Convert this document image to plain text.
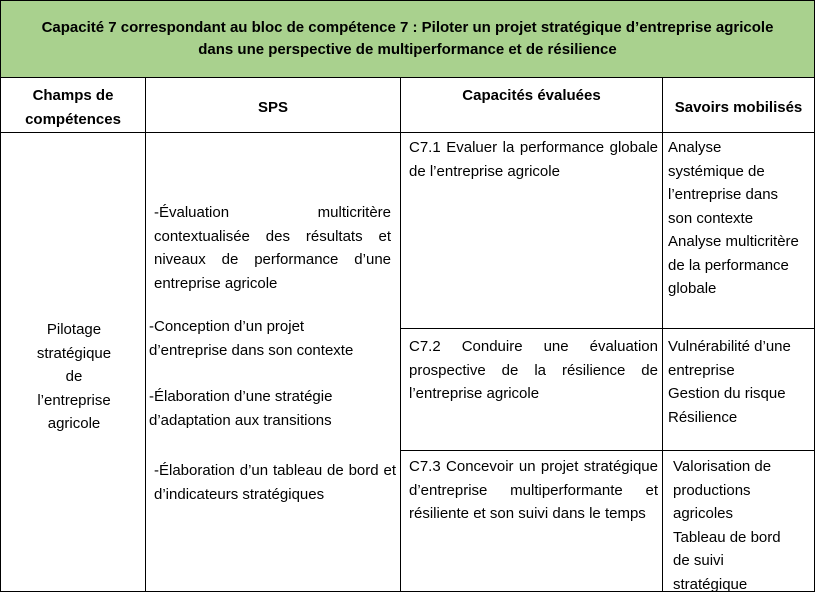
Capacité 7 correspondant au bloc de compétence 7 : Piloter un projet stratégique d’entreprise agricole
dans une perspective de multiperformance et de résilience
Champs de compétences
SPS
Capacités évaluées
Savoirs mobilisés
Pilotage stratégique de l’entreprise agricole

-Évaluation multicritère contextualisée des résultats et niveaux de performance d’une entreprise agricole

-Conception d’un projet d’entreprise dans son contexte

-Élaboration d’une stratégie d’adaptation aux transitions

-Élaboration d’un tableau de bord et d’indicateurs stratégiques

C7.1 Evaluer la performance globale de l’entreprise agricole

Analyse systémique de l’entreprise dans son contexte

Analyse multicritère de la performance globale

C7.2 Conduire une évaluation prospective de la résilience de l’entreprise agricole

Vulnérabilité d’une entreprise

Gestion du risque

Résilience

C7.3 Concevoir un projet stratégique d’entreprise multiperformante et résiliente et son suivi dans le temps

Valorisation de productions agricoles

Tableau de bord de suivi stratégique
